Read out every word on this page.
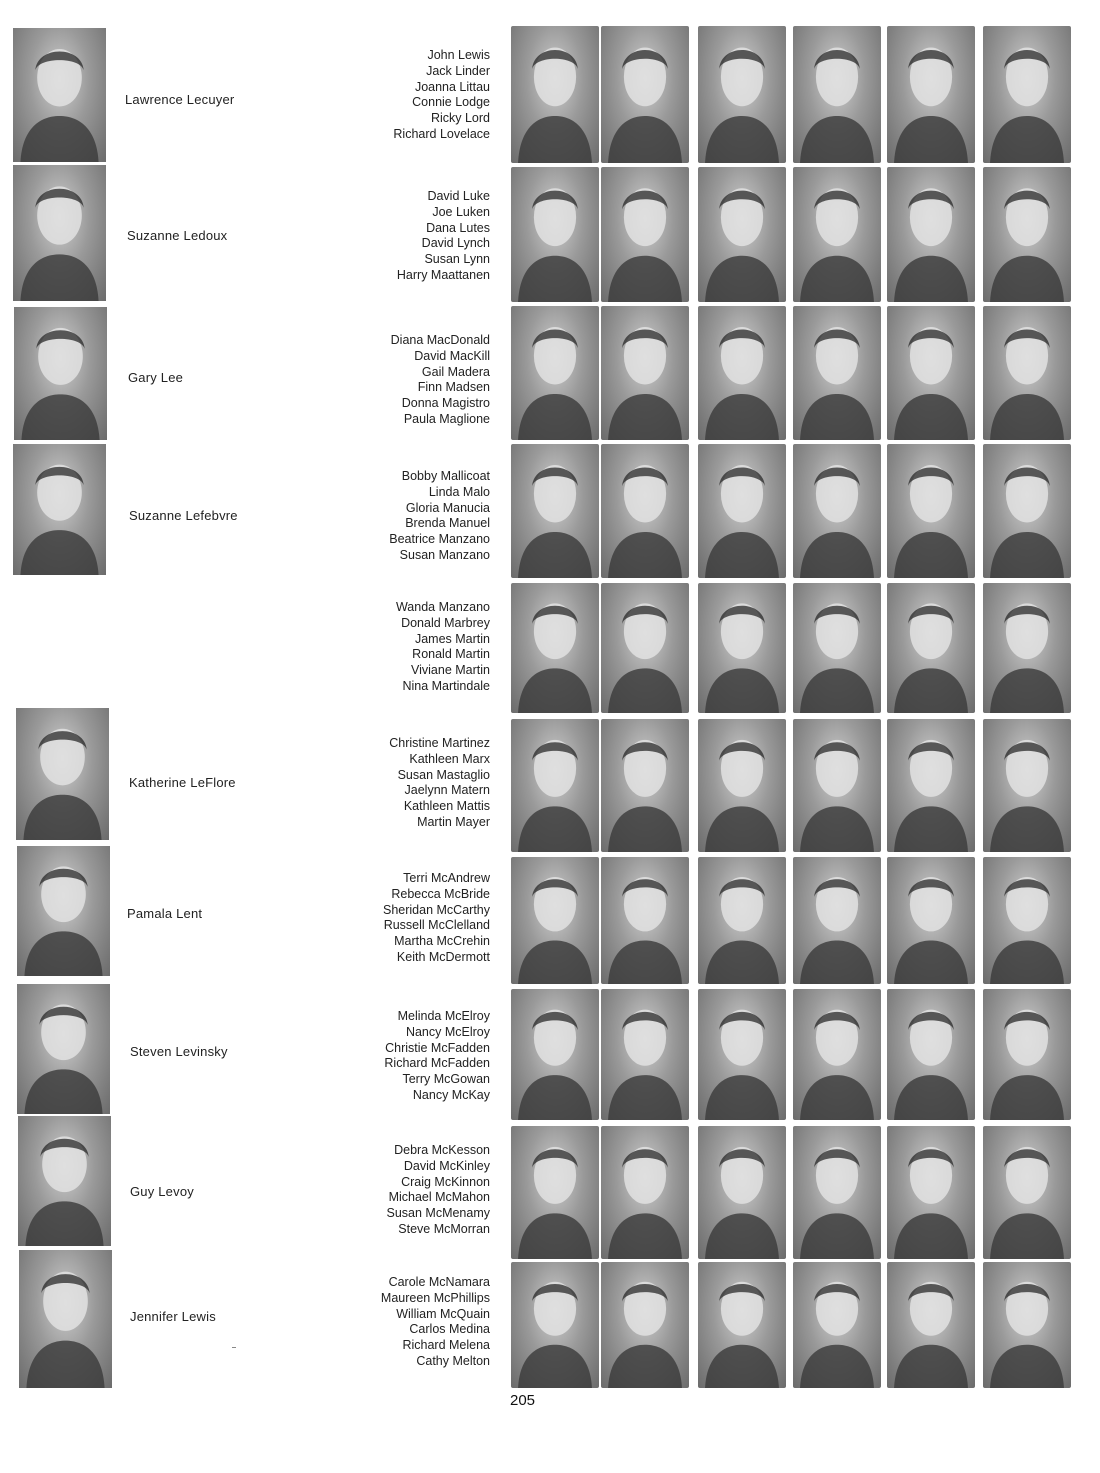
Lawrence Lecuyer
Suzanne Ledoux
Gary Lee
Suzanne Lefebvre
Katherine LeFlore
Pamala Lent
Steven Levinsky
Guy Levoy
Jennifer Lewis
John Lewis
Jack Linder
Joanna Littau
Connie Lodge
Ricky Lord
Richard Lovelace
David Luke
Joe Luken
Dana Lutes
David Lynch
Susan Lynn
Harry Maattanen
Diana MacDonald
David MacKill
Gail Madera
Finn Madsen
Donna Magistro
Paula Maglione
Bobby Mallicoat
Linda Malo
Gloria Manucia
Brenda Manuel
Beatrice Manzano
Susan Manzano
Wanda Manzano
Donald Marbrey
James Martin
Ronald Martin
Viviane Martin
Nina Martindale
Christine Martinez
Kathleen Marx
Susan Mastaglio
Jaelynn Matern
Kathleen Mattis
Martin Mayer
Terri McAndrew
Rebecca McBride
Sheridan McCarthy
Russell McClelland
Martha McCrehin
Keith McDermott
Melinda McElroy
Nancy McElroy
Christie McFadden
Richard McFadden
Terry McGowan
Nancy McKay
Debra McKesson
David McKinley
Craig McKinnon
Michael McMahon
Susan McMenamy
Steve McMorran
Carole McNamara
Maureen McPhillips
William McQuain
Carlos Medina
Richard Melena
Cathy Melton
205
